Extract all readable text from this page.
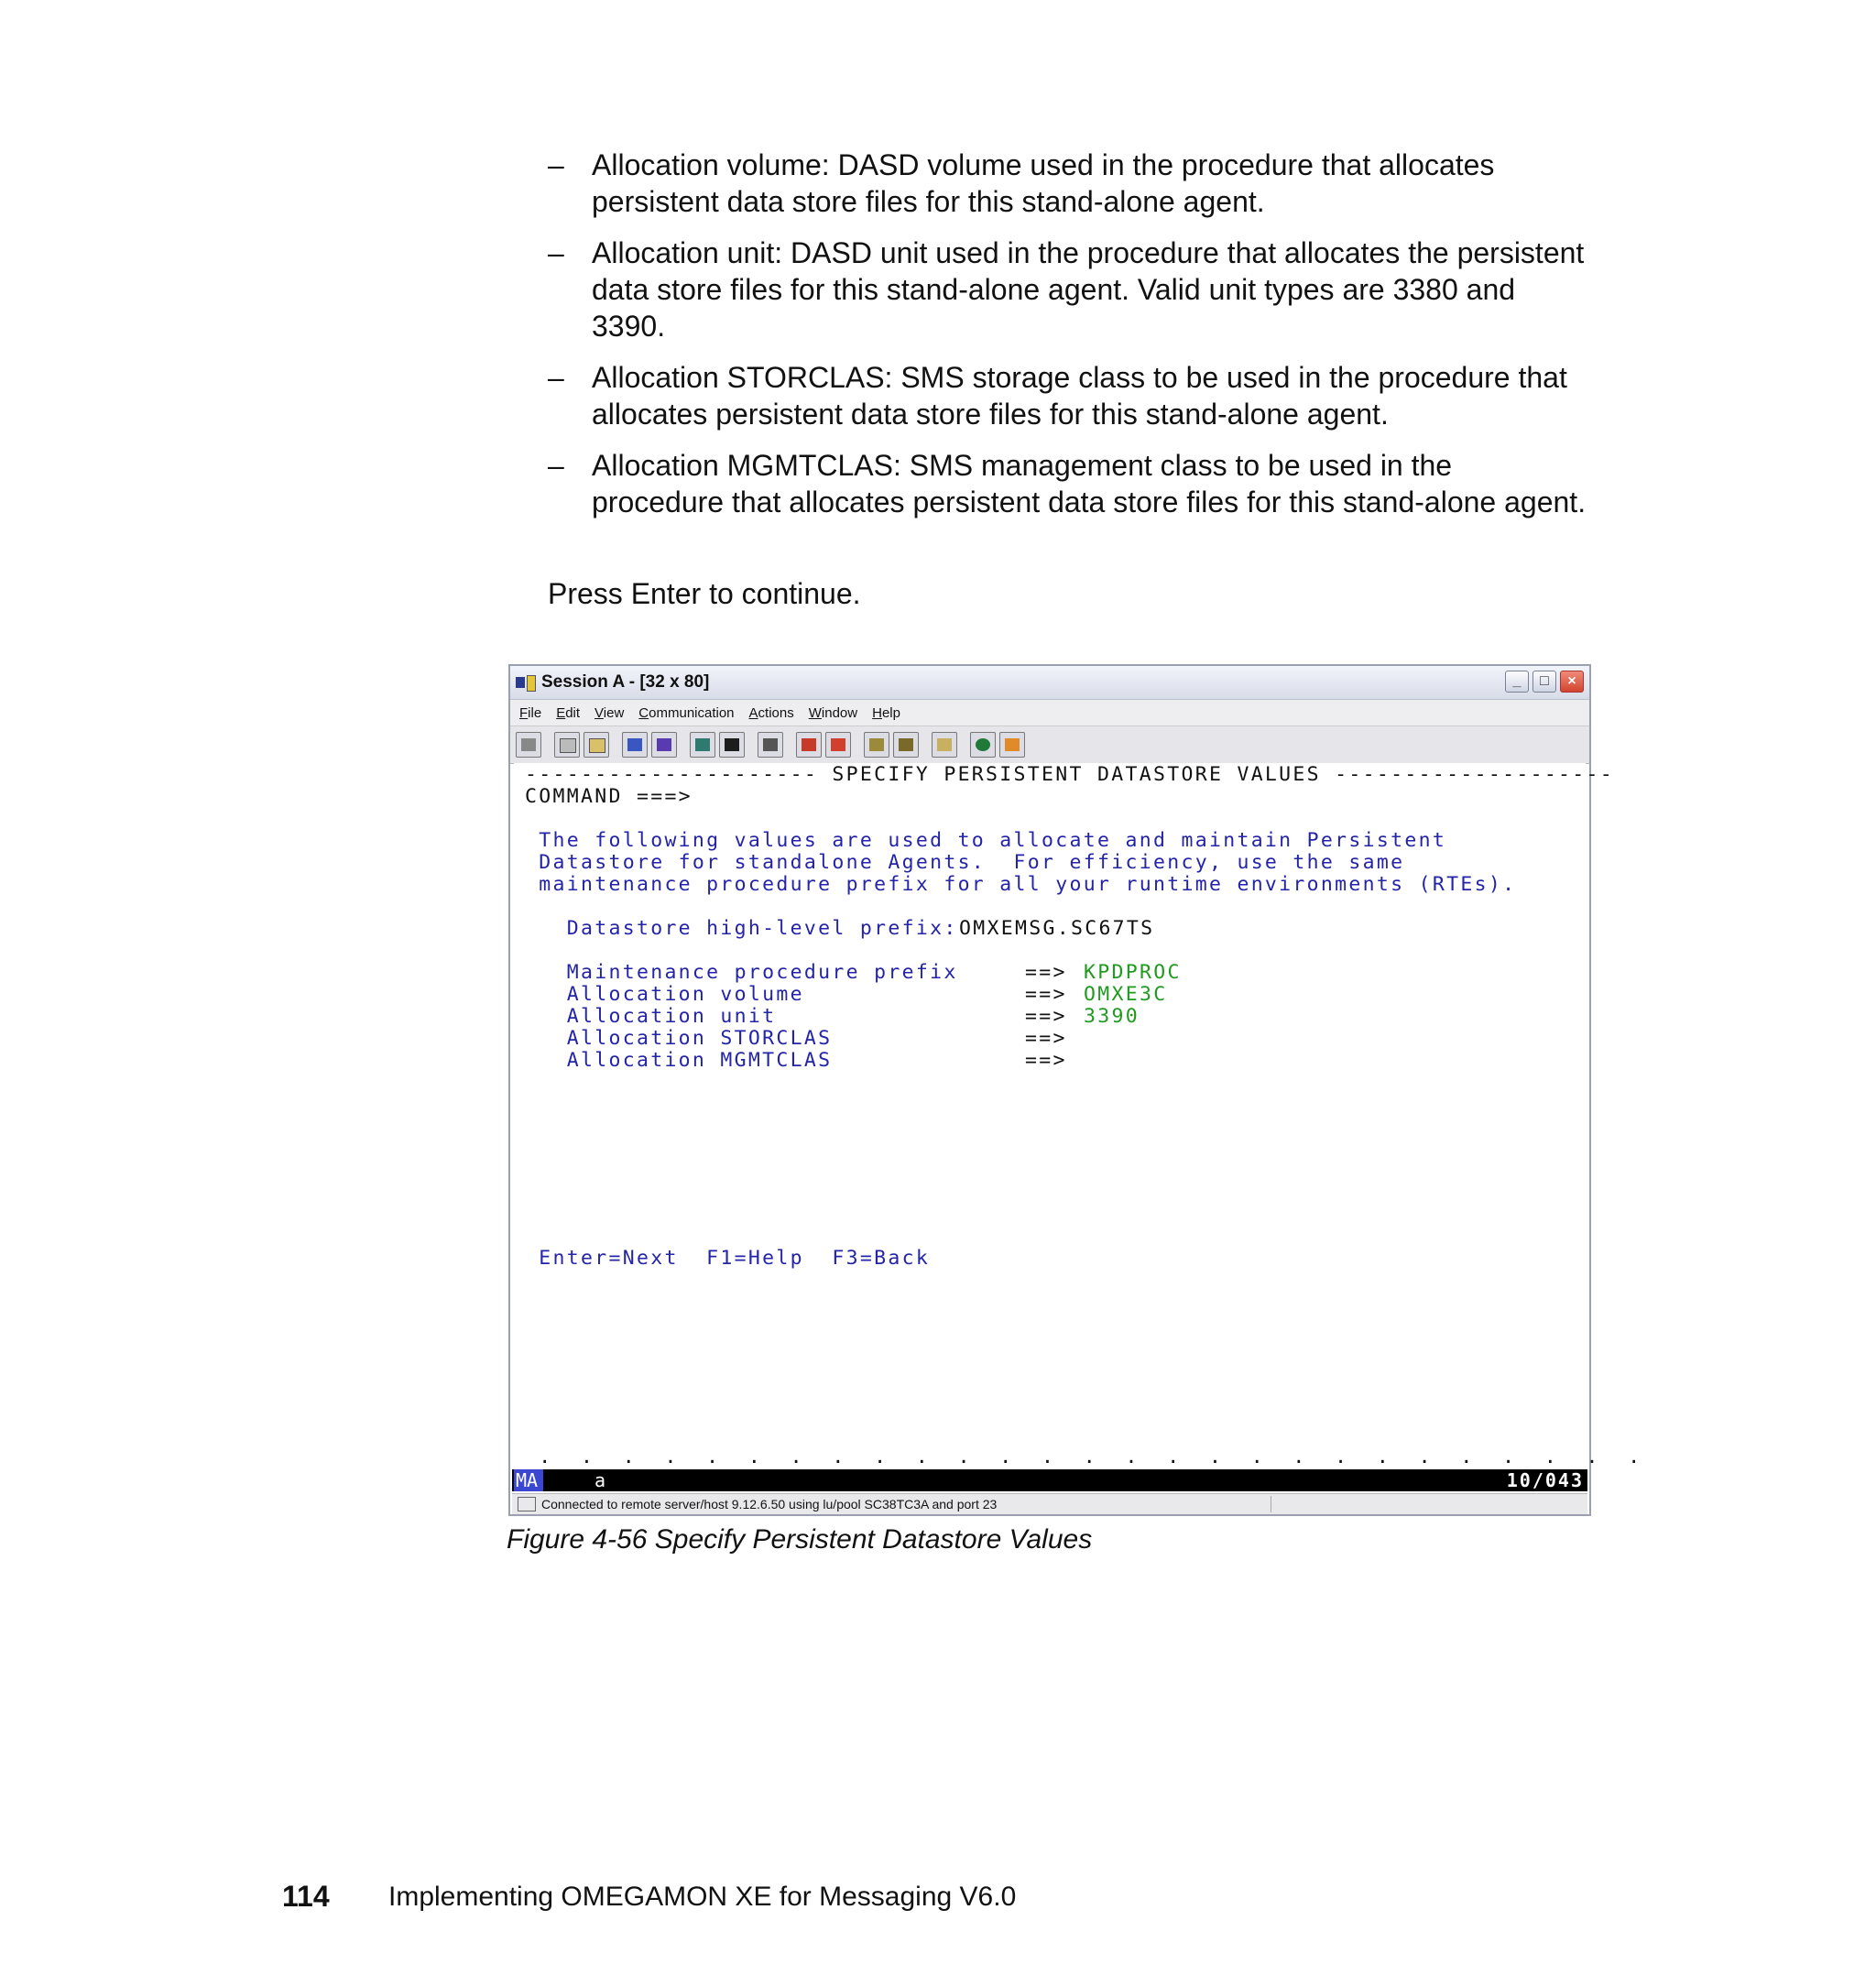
– Allocation volume: DASD volume used in the procedure that allocates persistent data store files for this stand-alone agent.
– Allocation unit: DASD unit used in the procedure that allocates the persistent data store files for this stand-alone agent. Valid unit types are 3380 and 3390.
– Allocation STORCLAS: SMS storage class to be used in the procedure that allocates persistent data store files for this stand-alone agent.
– Allocation MGMTCLAS: SMS management class to be used in the procedure that allocates persistent data store files for this stand-alone agent.
Press Enter to continue.
Session A - [32 x 80]	_	□	×
File Edit View Communication Actions Window Help
--------------------- SPECIFY PERSISTENT DATASTORE VALUES --------------------
COMMAND ===>
The following values are used to allocate and maintain Persistent
Datastore for standalone Agents.  For efficiency, use the same
maintenance procedure prefix for all your runtime environments (RTEs).
Datastore high-level prefix: OMXEMSG.SC67TS
Maintenance procedure prefix	==> KPDPROC
Allocation volume	==> OMXE3C
Allocation unit	==> 3390
Allocation STORCLAS	==>
Allocation MGMTCLAS	==>
Enter=Next  F1=Help  F3=Back
.  .  .  .  .  .  .  .  .  .  .  .  .  .  .  .  .  .  .  .  .  .  .  .  .  .  .
MA	a	10/043
Connected to remote server/host 9.12.6.50 using lu/pool SC38TC3A and port 23
Figure 4-56 Specify Persistent Datastore Values
114 Implementing OMEGAMON XE for Messaging V6.0
